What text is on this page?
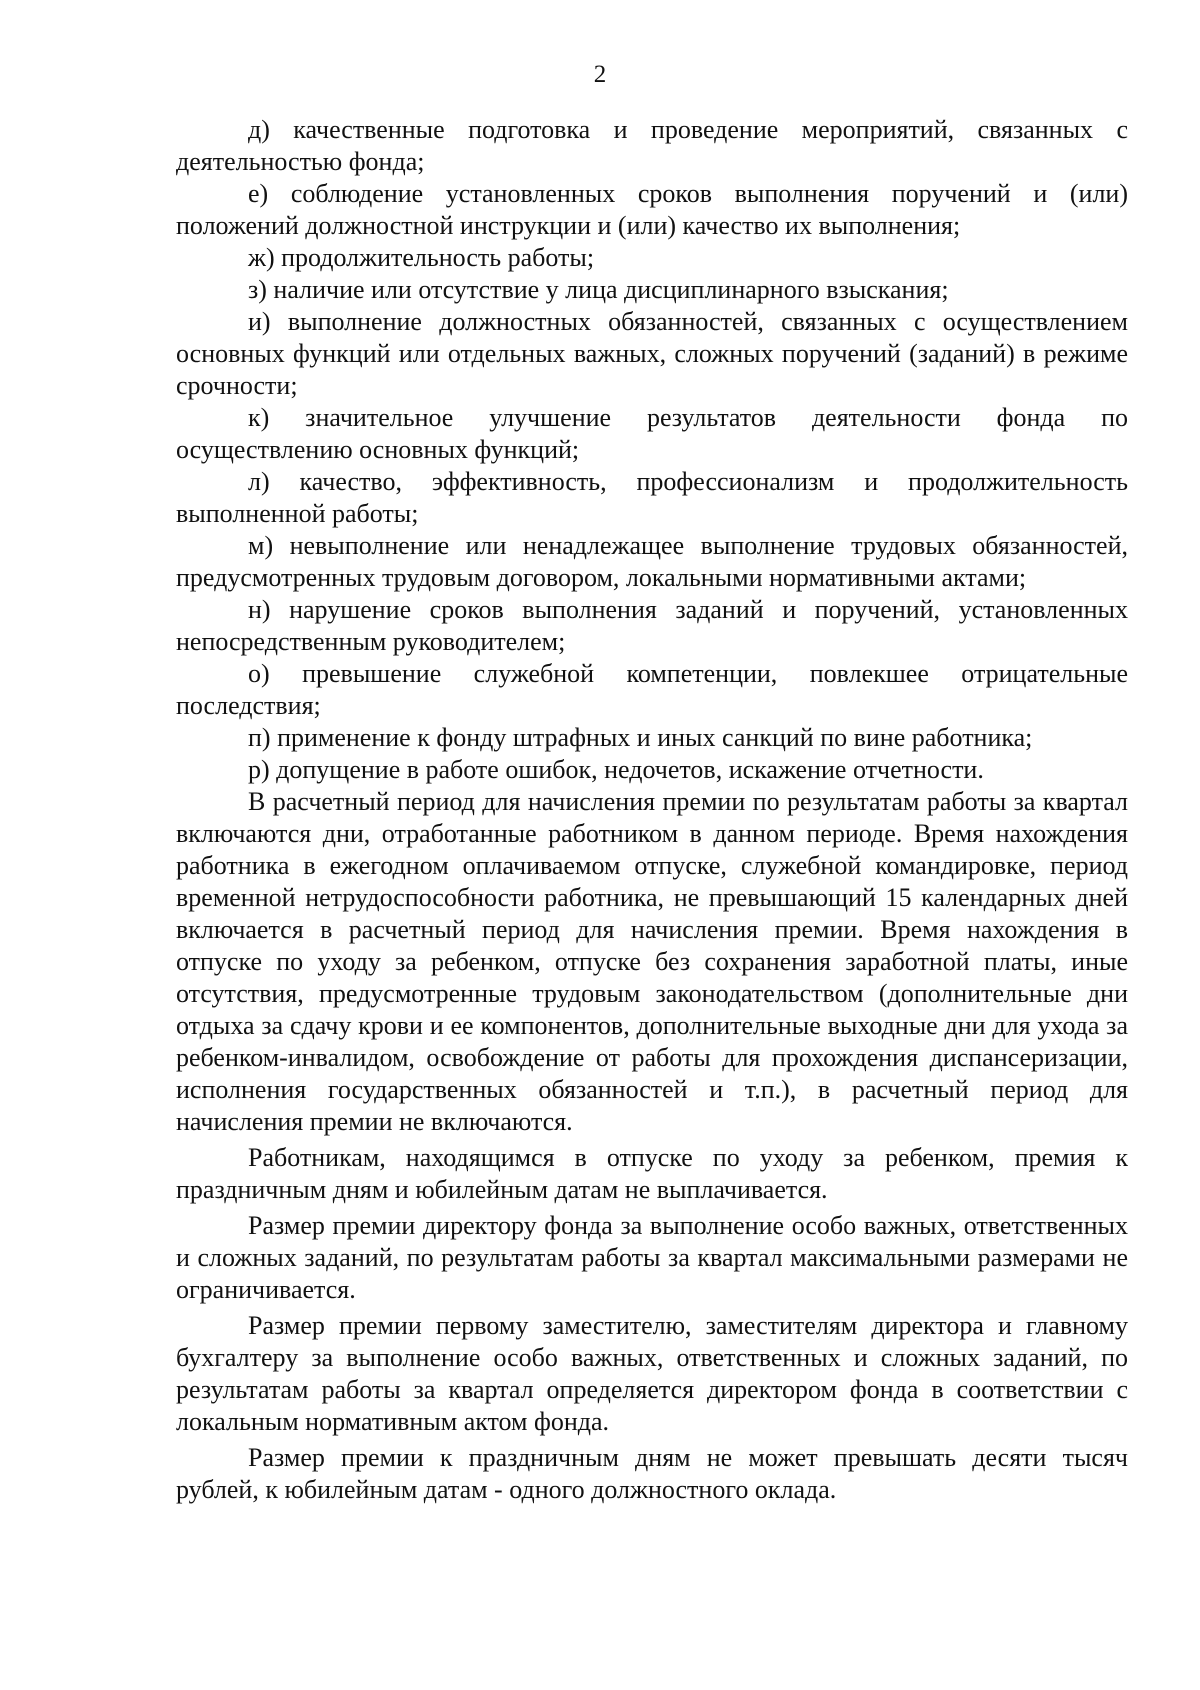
2

д) качественные подготовка и проведение мероприятий, связанных с деятельностью фонда;

е) соблюдение установленных сроков выполнения поручений и (или) положений должностной инструкции и (или) качество их выполнения;

ж) продолжительность работы;

з) наличие или отсутствие у лица дисциплинарного взыскания;

и) выполнение должностных обязанностей, связанных с осуществлением основных функций или отдельных важных, сложных поручений (заданий) в режиме срочности;

к) значительное улучшение результатов деятельности фонда по осуществлению основных функций;

л) качество, эффективность, профессионализм и продолжительность выполненной работы;

м) невыполнение или ненадлежащее выполнение трудовых обязанностей, предусмотренных трудовым договором, локальными нормативными актами;

н) нарушение сроков выполнения заданий и поручений, установленных непосредственным руководителем;

о) превышение служебной компетенции, повлекшее отрицательные последствия;

п) применение к фонду штрафных и иных санкций по вине работника;

р) допущение в работе ошибок, недочетов, искажение отчетности.

В расчетный период для начисления премии по результатам работы за квартал включаются дни, отработанные работником в данном периоде. Время нахождения работника в ежегодном оплачиваемом отпуске, служебной командировке, период временной нетрудоспособности работника, не превышающий 15 календарных дней включается в расчетный период для начисления премии. Время нахождения в отпуске по уходу за ребенком, отпуске без сохранения заработной платы, иные отсутствия, предусмотренные трудовым законодательством (дополнительные дни отдыха за сдачу крови и ее компонентов, дополнительные выходные дни для ухода за ребенком-инвалидом, освобождение от работы для прохождения диспансеризации, исполнения государственных обязанностей и т.п.), в расчетный период для начисления премии не включаются.

Работникам, находящимся в отпуске по уходу за ребенком, премия к праздничным дням и юбилейным датам не выплачивается.

Размер премии директору фонда за выполнение особо важных, ответственных и сложных заданий, по результатам работы за квартал максимальными размерами не ограничивается.

Размер премии первому заместителю, заместителям директора и главному бухгалтеру за выполнение особо важных, ответственных и сложных заданий, по результатам работы за квартал определяется директором фонда в соответствии с локальным нормативным актом фонда.

Размер премии к праздничным дням не может превышать десяти тысяч рублей, к юбилейным датам - одного должностного оклада.
